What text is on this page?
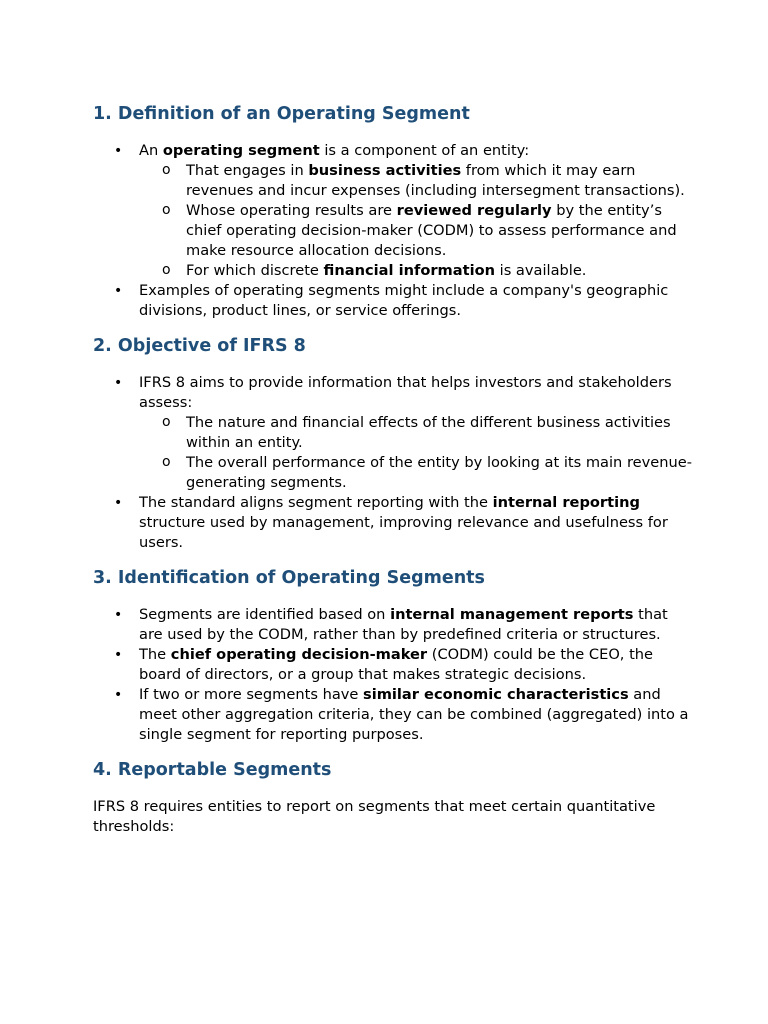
1. Definition of an Operating Segment
• An operating segment is a component of an entity:
o That engages in business activities from which it may earn revenues and incur expenses (including intersegment transactions).
o Whose operating results are reviewed regularly by the entity’s chief operating decision-maker (CODM) to assess performance and make resource allocation decisions.
o For which discrete financial information is available.
• Examples of operating segments might include a company's geographic divisions, product lines, or service offerings.
2. Objective of IFRS 8
• IFRS 8 aims to provide information that helps investors and stakeholders assess:
o The nature and financial effects of the different business activities within an entity.
o The overall performance of the entity by looking at its main revenue-generating segments.
• The standard aligns segment reporting with the internal reporting structure used by management, improving relevance and usefulness for users.
3. Identification of Operating Segments
• Segments are identified based on internal management reports that are used by the CODM, rather than by predefined criteria or structures.
• The chief operating decision-maker (CODM) could be the CEO, the board of directors, or a group that makes strategic decisions.
• If two or more segments have similar economic characteristics and meet other aggregation criteria, they can be combined (aggregated) into a single segment for reporting purposes.
4. Reportable Segments

IFRS 8 requires entities to report on segments that meet certain quantitative thresholds:
